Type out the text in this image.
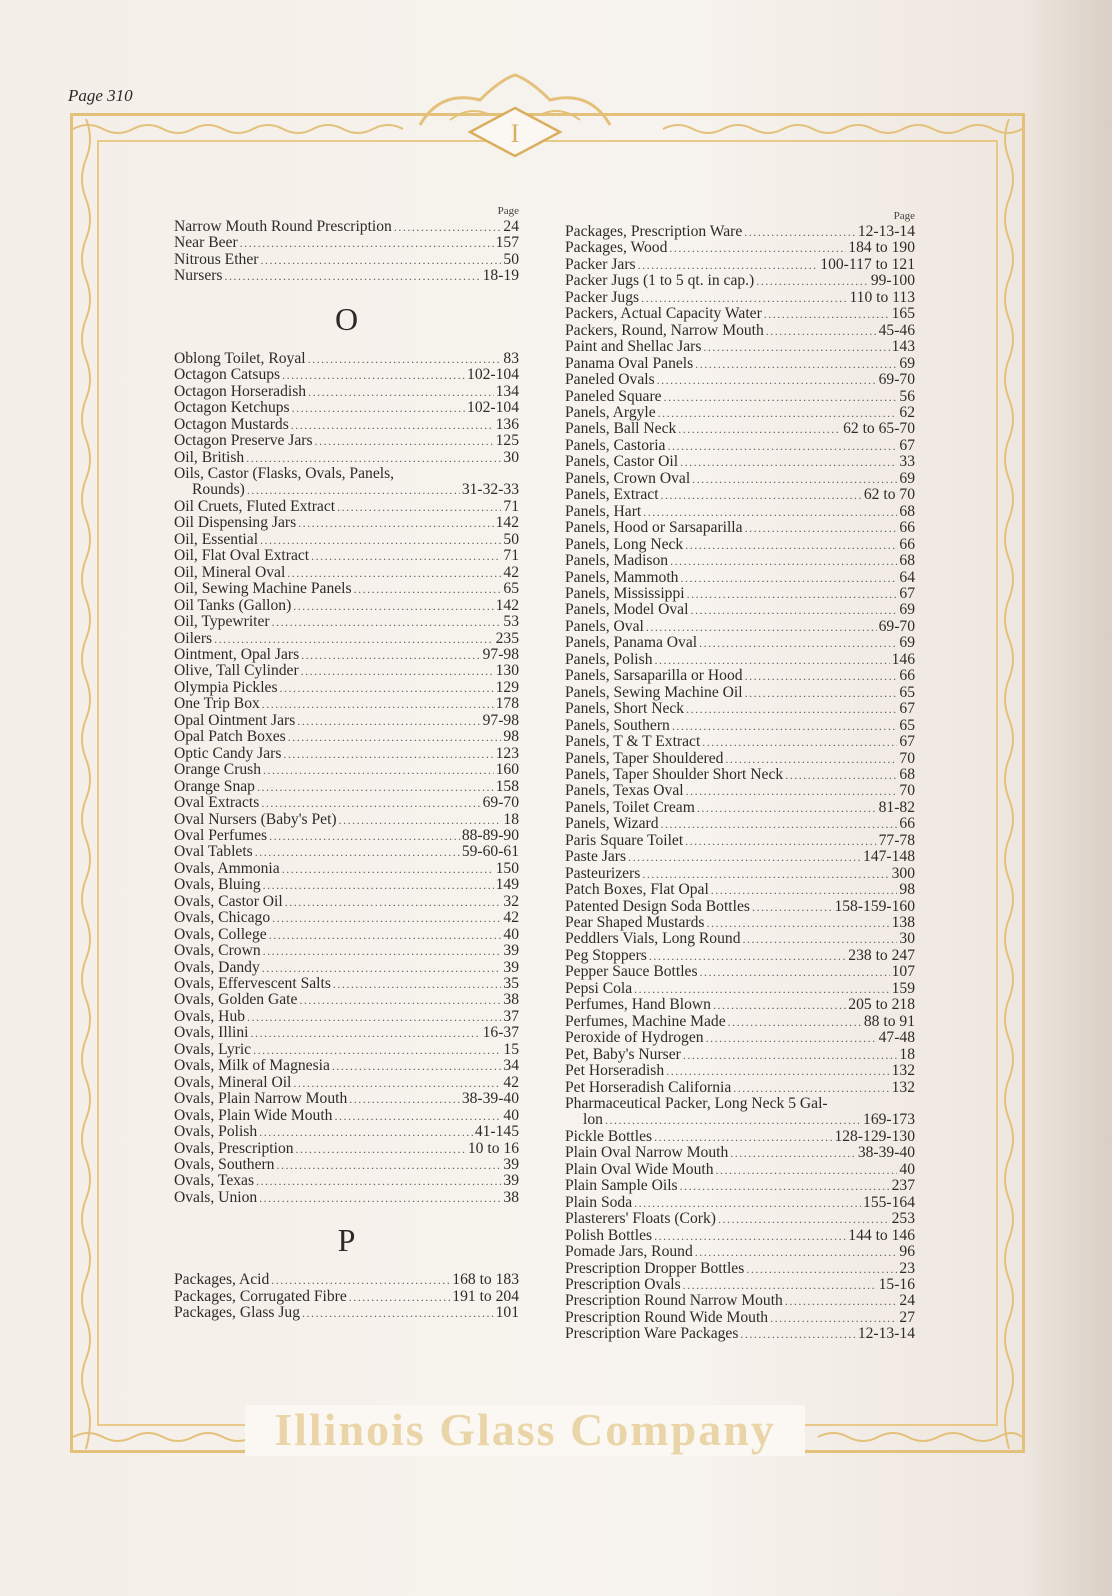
Page 310
I
Illinois Glass Company
Page
Narrow Mouth Round Prescription .....	24
Near Beer .....	157
Nitrous Ether .....	50
Nursers .....	18-19
O
Oblong Toilet, Royal .....	83
Octagon Catsups .....	102-104
Octagon Horseradish .....	134
Octagon Ketchups .....	102-104
Octagon Mustards .....	136
Octagon Preserve Jars .....	125
Oil, British .....	30
Oils, Castor (Flasks, Ovals, Panels,
Rounds) .....	31-32-33
Oil Cruets, Fluted Extract .....	71
Oil Dispensing Jars .....	142
Oil, Essential .....	50
Oil, Flat Oval Extract .....	71
Oil, Mineral Oval .....	42
Oil, Sewing Machine Panels .....	65
Oil Tanks (Gallon) .....	142
Oil, Typewriter .....	53
Oilers .....	235
Ointment, Opal Jars .....	97-98
Olive, Tall Cylinder .....	130
Olympia Pickles .....	129
One Trip Box .....	178
Opal Ointment Jars .....	97-98
Opal Patch Boxes .....	98
Optic Candy Jars .....	123
Orange Crush .....	160
Orange Snap .....	158
Oval Extracts .....	69-70
Oval Nursers (Baby's Pet) .....	18
Oval Perfumes .....	88-89-90
Oval Tablets .....	59-60-61
Ovals, Ammonia .....	150
Ovals, Bluing .....	149
Ovals, Castor Oil .....	32
Ovals, Chicago .....	42
Ovals, College .....	40
Ovals, Crown .....	39
Ovals, Dandy .....	39
Ovals, Effervescent Salts .....	35
Ovals, Golden Gate .....	38
Ovals, Hub .....	37
Ovals, Illini .....	16-37
Ovals, Lyric .....	15
Ovals, Milk of Magnesia .....	34
Ovals, Mineral Oil .....	42
Ovals, Plain Narrow Mouth .....	38-39-40
Ovals, Plain Wide Mouth .....	40
Ovals, Polish .....	41-145
Ovals, Prescription .....	10 to 16
Ovals, Southern .....	39
Ovals, Texas .....	39
Ovals, Union .....	38
P
Packages, Acid .....	168 to 183
Packages, Corrugated Fibre .....	191 to 204
Packages, Glass Jug .....	101
Page
Packages, Prescription Ware .....	12-13-14
Packages, Wood .....	184 to 190
Packer Jars .....	100-117 to 121
Packer Jugs (1 to 5 qt. in cap.) .....	99-100
Packer Jugs .....	110 to 113
Packers, Actual Capacity Water .....	165
Packers, Round, Narrow Mouth .....	45-46
Paint and Shellac Jars .....	143
Panama Oval Panels .....	69
Paneled Ovals .....	69-70
Paneled Square .....	56
Panels, Argyle .....	62
Panels, Ball Neck .....	62 to 65-70
Panels, Castoria .....	67
Panels, Castor Oil .....	33
Panels, Crown Oval .....	69
Panels, Extract .....	62 to 70
Panels, Hart .....	68
Panels, Hood or Sarsaparilla .....	66
Panels, Long Neck .....	66
Panels, Madison .....	68
Panels, Mammoth .....	64
Panels, Mississippi .....	67
Panels, Model Oval .....	69
Panels, Oval .....	69-70
Panels, Panama Oval .....	69
Panels, Polish .....	146
Panels, Sarsaparilla or Hood .....	66
Panels, Sewing Machine Oil .....	65
Panels, Short Neck .....	67
Panels, Southern .....	65
Panels, T & T Extract .....	67
Panels, Taper Shouldered .....	70
Panels, Taper Shoulder Short Neck .....	68
Panels, Texas Oval .....	70
Panels, Toilet Cream .....	81-82
Panels, Wizard .....	66
Paris Square Toilet .....	77-78
Paste Jars .....	147-148
Pasteurizers .....	300
Patch Boxes, Flat Opal .....	98
Patented Design Soda Bottles .....	158-159-160
Pear Shaped Mustards .....	138
Peddlers Vials, Long Round .....	30
Peg Stoppers .....	238 to 247
Pepper Sauce Bottles .....	107
Pepsi Cola .....	159
Perfumes, Hand Blown .....	205 to 218
Perfumes, Machine Made .....	88 to 91
Peroxide of Hydrogen .....	47-48
Pet, Baby's Nurser .....	18
Pet Horseradish .....	132
Pet Horseradish California .....	132
Pharmaceutical Packer, Long Neck 5 Gal-
lon .....	169-173
Pickle Bottles .....	128-129-130
Plain Oval Narrow Mouth .....	38-39-40
Plain Oval Wide Mouth .....	40
Plain Sample Oils .....	237
Plain Soda .....	155-164
Plasterers' Floats (Cork) .....	253
Polish Bottles .....	144 to 146
Pomade Jars, Round .....	96
Prescription Dropper Bottles .....	23
Prescription Ovals .....	15-16
Prescription Round Narrow Mouth .....	24
Prescription Round Wide Mouth .....	27
Prescription Ware Packages .....	12-13-14
